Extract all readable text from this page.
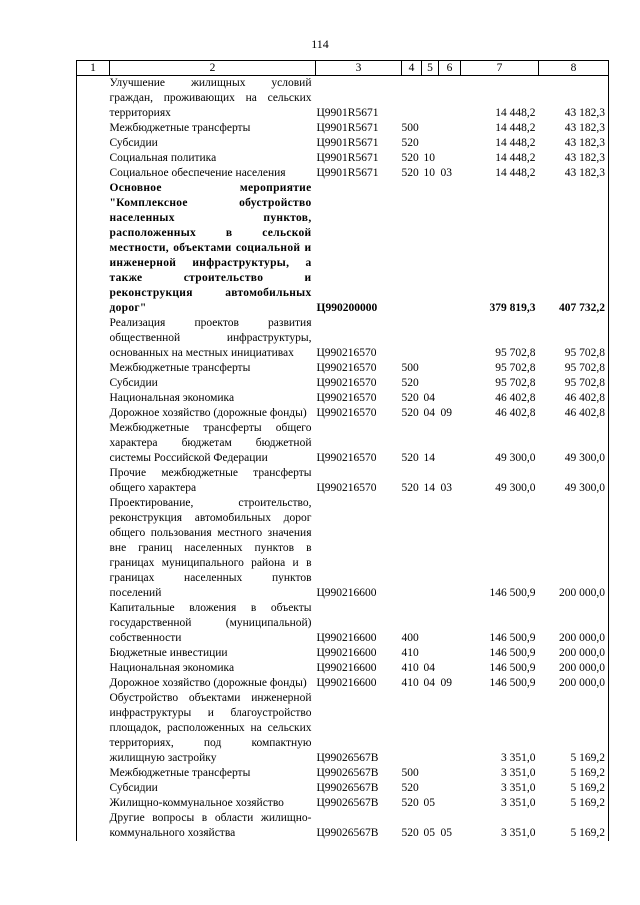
114
1	2	3	4	5	6	7	8
	Улучшение жилищных условий граждан, проживающих на сельских территориях	Ц9901R5671				14 448,2	43 182,3
	Межбюджетные трансферты	Ц9901R5671	500			14 448,2	43 182,3
	Субсидии	Ц9901R5671	520			14 448,2	43 182,3
	Социальная политика	Ц9901R5671	520	10		14 448,2	43 182,3
	Социальное обеспечение населения	Ц9901R5671	520	10	03	14 448,2	43 182,3
	Основное мероприятие "Комплексное обустройство населенных пунктов, расположенных в сельской местности, объектами социальной и инженерной инфраструктуры, а также строительство и реконструкция автомобильных дорог"	Ц990200000				379 819,3	407 732,2
	Реализация проектов развития общественной инфраструктуры, основанных на местных инициативах	Ц990216570				95 702,8	95 702,8
	Межбюджетные трансферты	Ц990216570	500			95 702,8	95 702,8
	Субсидии	Ц990216570	520			95 702,8	95 702,8
	Национальная экономика	Ц990216570	520	04		46 402,8	46 402,8
	Дорожное хозяйство (дорожные фонды)	Ц990216570	520	04	09	46 402,8	46 402,8
	Межбюджетные трансферты общего характера бюджетам бюджетной системы Российской Федерации	Ц990216570	520	14		49 300,0	49 300,0
	Прочие межбюджетные трансферты общего характера	Ц990216570	520	14	03	49 300,0	49 300,0
	Проектирование, строительство, реконструкция автомобильных дорог общего пользования местного значения вне границ населенных пунктов в границах муниципального района и в границах населенных пунктов поселений	Ц990216600				146 500,9	200 000,0
	Капитальные вложения в объекты государственной (муниципальной) собственности	Ц990216600	400			146 500,9	200 000,0
	Бюджетные инвестиции	Ц990216600	410			146 500,9	200 000,0
	Национальная экономика	Ц990216600	410	04		146 500,9	200 000,0
	Дорожное хозяйство (дорожные фонды)	Ц990216600	410	04	09	146 500,9	200 000,0
	Обустройство объектами инженерной инфраструктуры и благоустройство площадок, расположенных на сельских территориях, под компактную жилищную застройку	Ц99026567В				3 351,0	5 169,2
	Межбюджетные трансферты	Ц99026567В	500			3 351,0	5 169,2
	Субсидии	Ц99026567В	520			3 351,0	5 169,2
	Жилищно-коммунальное хозяйство	Ц99026567В	520	05		3 351,0	5 169,2
	Другие вопросы в области жилищно-коммунального хозяйства	Ц99026567В	520	05	05	3 351,0	5 169,2
